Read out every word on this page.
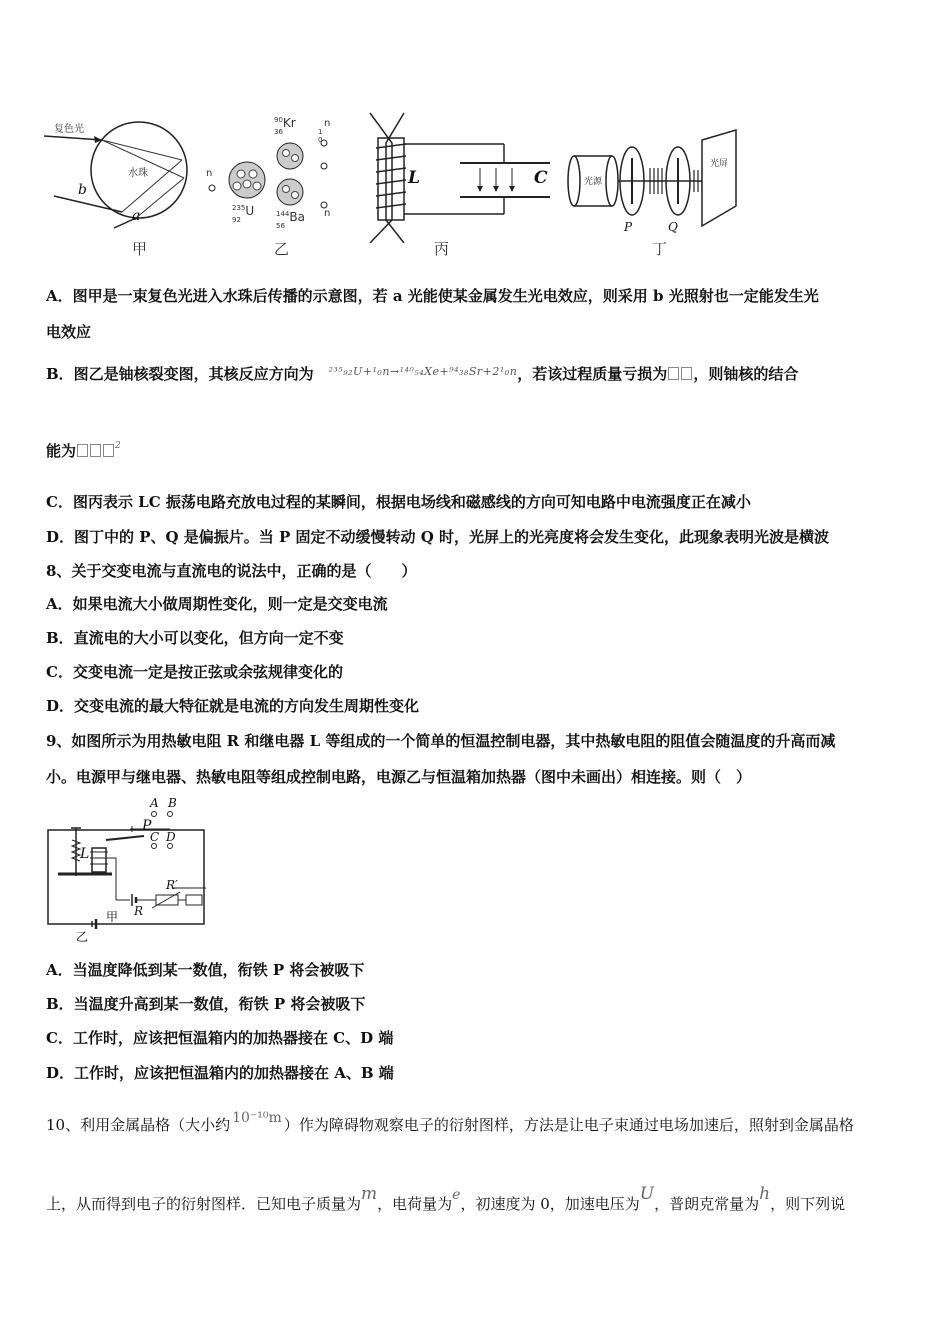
复色光
水珠
b
a
甲
$^{90}$Kr
36
n
n
$^{235}$U
92
$^{144}$Ba
56
n
1
0
乙
L	C
丙
光源
光屏
P	Q
丁
A．图甲是一束复色光进入水珠后传播的示意图，若 a 光能使某金属发生光电效应，则采用 b 光照射也一定能发生光
电效应
B．图乙是铀核裂变图，其核反应方向为 ²³⁵₉₂U+¹₀n→¹⁴⁰₅₄Xe+⁹⁴₃₈Sr+2¹₀n，若该过程质量亏损为 ，则铀核的结合
能为	$^2$
C．图丙表示 LC 振荡电路充放电过程的某瞬间，根据电场线和磁感线的方向可知电路中电流强度正在减小
D．图丁中的 P、Q 是偏振片。当 P 固定不动缓慢转动 Q 时，光屏上的光亮度将会发生变化，此现象表明光波是横波
8、关于交变电流与直流电的说法中，正确的是（　　）
A．如果电流大小做周期性变化，则一定是交变电流
B．直流电的大小可以变化，但方向一定不变
C．交变电流一定是按正弦或余弦规律变化的
D．交变电流的最大特征就是电流的方向发生周期性变化
9、如图所示为用热敏电阻 R 和继电器 L 等组成的一个简单的恒温控制电器，其中热敏电阻的阻值会随温度的升高而减
小。电源甲与继电器、热敏电阻等组成控制电路，电源乙与恒温箱加热器（图中未画出）相连接。则（　）
A B
P
C D
L
R
R′
甲
乙
A．当温度降低到某一数值，衔铁 P 将会被吸下
B．当温度升高到某一数值，衔铁 P 将会被吸下
C．工作时，应该把恒温箱内的加热器接在 C、D 端
D．工作时，应该把恒温箱内的加热器接在 A、B 端
10、利用金属晶格（大小约 10⁻¹⁰m ）作为障碍物观察电子的衍射图样，方法是让电子束通过电场加速后，照射到金属晶格
上，从而得到电子的衍射图样．已知电子质量为m，电荷量为e，初速度为 0，加速电压为U，普朗克常量为h，则下列说
